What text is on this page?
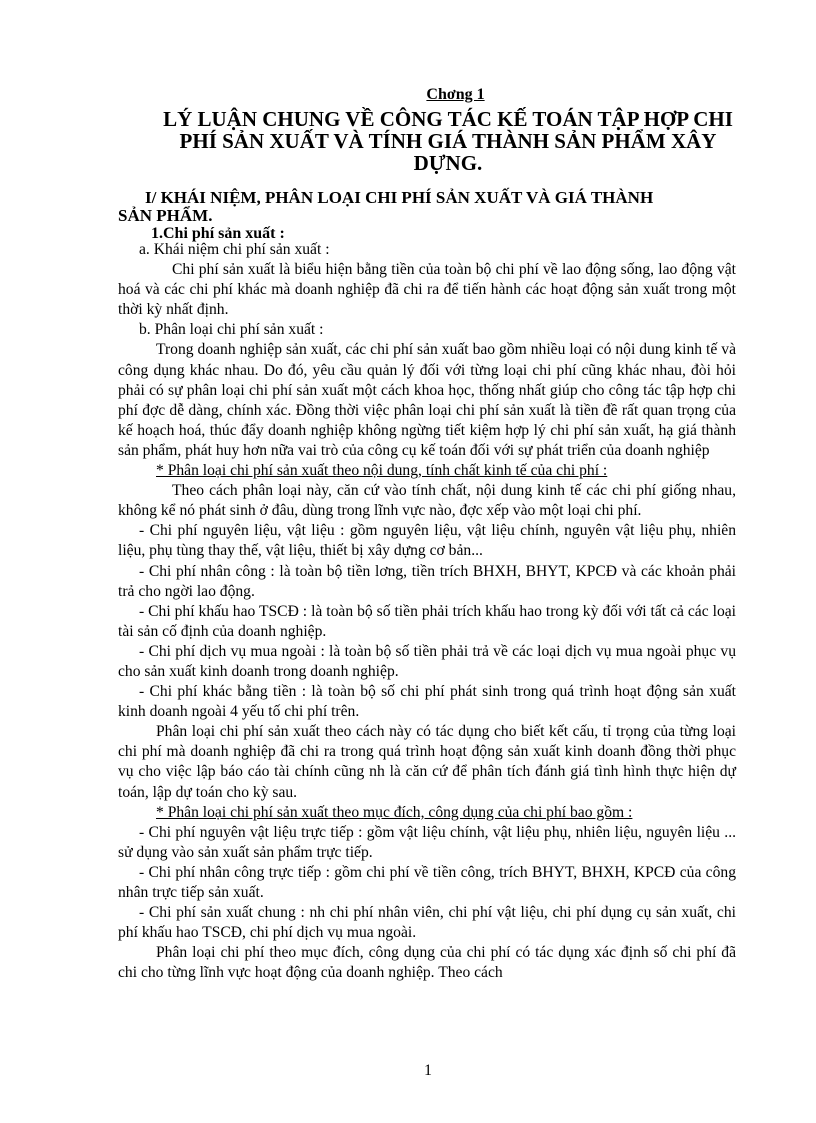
Chơng 1
LÝ LUẬN CHUNG VỀ CÔNG TÁC KẾ TOÁN TẬP HỢP CHI PHÍ SẢN XUẤT VÀ TÍNH GIÁ THÀNH SẢN PHẨM XÂY DỰNG.
I/ KHÁI NIỆM, PHÂN LOẠI CHI PHÍ SẢN XUẤT VÀ GIÁ THÀNH
SẢN PHẨM.
1.Chi phí sản xuất :

a. Khái niệm chi phí sản xuất :

Chi phí sản xuất là biểu hiện bằng tiền của toàn bộ chi phí về lao động sống, lao động vật hoá và các chi phí khác mà doanh nghiệp đã chi ra để tiến hành các hoạt động sản xuất trong một thời kỳ nhất định.

b. Phân loại chi phí sản xuất :

Trong doanh nghiệp sản xuất, các chi phí sản xuất bao gồm nhiều loại có nội dung kinh tế và công dụng khác nhau. Do đó, yêu cầu quản lý đối với từng loại chi phí cũng khác nhau, đòi hỏi phải có sự phân loại chi phí sản xuất một cách khoa học, thống nhất giúp cho công tác tập hợp chi phí đợc dễ dàng, chính xác. Đồng thời việc phân loại chi phí sản xuất là tiền đề rất quan trọng của kế hoạch hoá, thúc đẩy doanh nghiệp không ngừng tiết kiệm hợp lý chi phí sản xuất, hạ giá thành sản phẩm, phát huy hơn nữa vai trò của công cụ kế toán đối với sự phát triển của doanh nghiệp

* Phân loại chi phí sản xuất theo nội dung, tính chất kinh tế của chi phí :

Theo cách phân loại này, căn cứ vào tính chất, nội dung kinh tế các chi phí giống nhau, không kể nó phát sinh ở đâu, dùng trong lĩnh vực nào, đợc xếp vào một loại chi phí.

- Chi phí nguyên liệu, vật liệu : gồm nguyên liệu, vật liệu chính, nguyên vật liệu phụ, nhiên liệu, phụ tùng thay thế, vật liệu, thiết bị xây dựng cơ bản...

- Chi phí nhân công : là toàn bộ tiền lơng, tiền trích BHXH, BHYT, KPCĐ và các khoản phải trả cho ngời lao động.

- Chi phí khấu hao TSCĐ : là toàn bộ số tiền phải trích khấu hao trong kỳ đối với tất cả các loại tài sản cố định của doanh nghiệp.

- Chi phí dịch vụ mua ngoài : là toàn bộ số tiền phải trả về các loại dịch vụ mua ngoài phục vụ cho sản xuất kinh doanh trong doanh nghiệp.

- Chi phí khác bằng tiền : là toàn bộ số chi phí phát sinh trong quá trình hoạt động sản xuất kinh doanh ngoài 4 yếu tố chi phí trên.

Phân loại chi phí sản xuất theo cách này có tác dụng cho biết kết cấu, tỉ trọng của từng loại chi phí mà doanh nghiệp đã chi ra trong quá trình hoạt động sản xuất kinh doanh đồng thời phục vụ cho việc lập báo cáo tài chính cũng nh là căn cứ để phân tích đánh giá tình hình thực hiện dự toán, lập dự toán cho kỳ sau.

* Phân loại chi phí sản xuất theo mục đích, công dụng của chi phí bao gồm :

- Chi phí nguyên vật liệu trực tiếp : gồm vật liệu chính, vật liệu phụ, nhiên liệu, nguyên liệu ... sử dụng vào sản xuất sản phẩm trực tiếp.

- Chi phí nhân công trực tiếp : gồm chi phí về tiền công, trích BHYT, BHXH, KPCĐ của công nhân trực tiếp sản xuất.

- Chi phí sản xuất chung : nh chi phí nhân viên, chi phí vật liệu, chi phí dụng cụ sản xuất, chi phí khấu hao TSCĐ, chi phí dịch vụ mua ngoài.

Phân loại chi phí theo mục đích, công dụng của chi phí có tác dụng xác định số chi phí đã chi cho từng lĩnh vực hoạt động của doanh nghiệp. Theo cách

1
